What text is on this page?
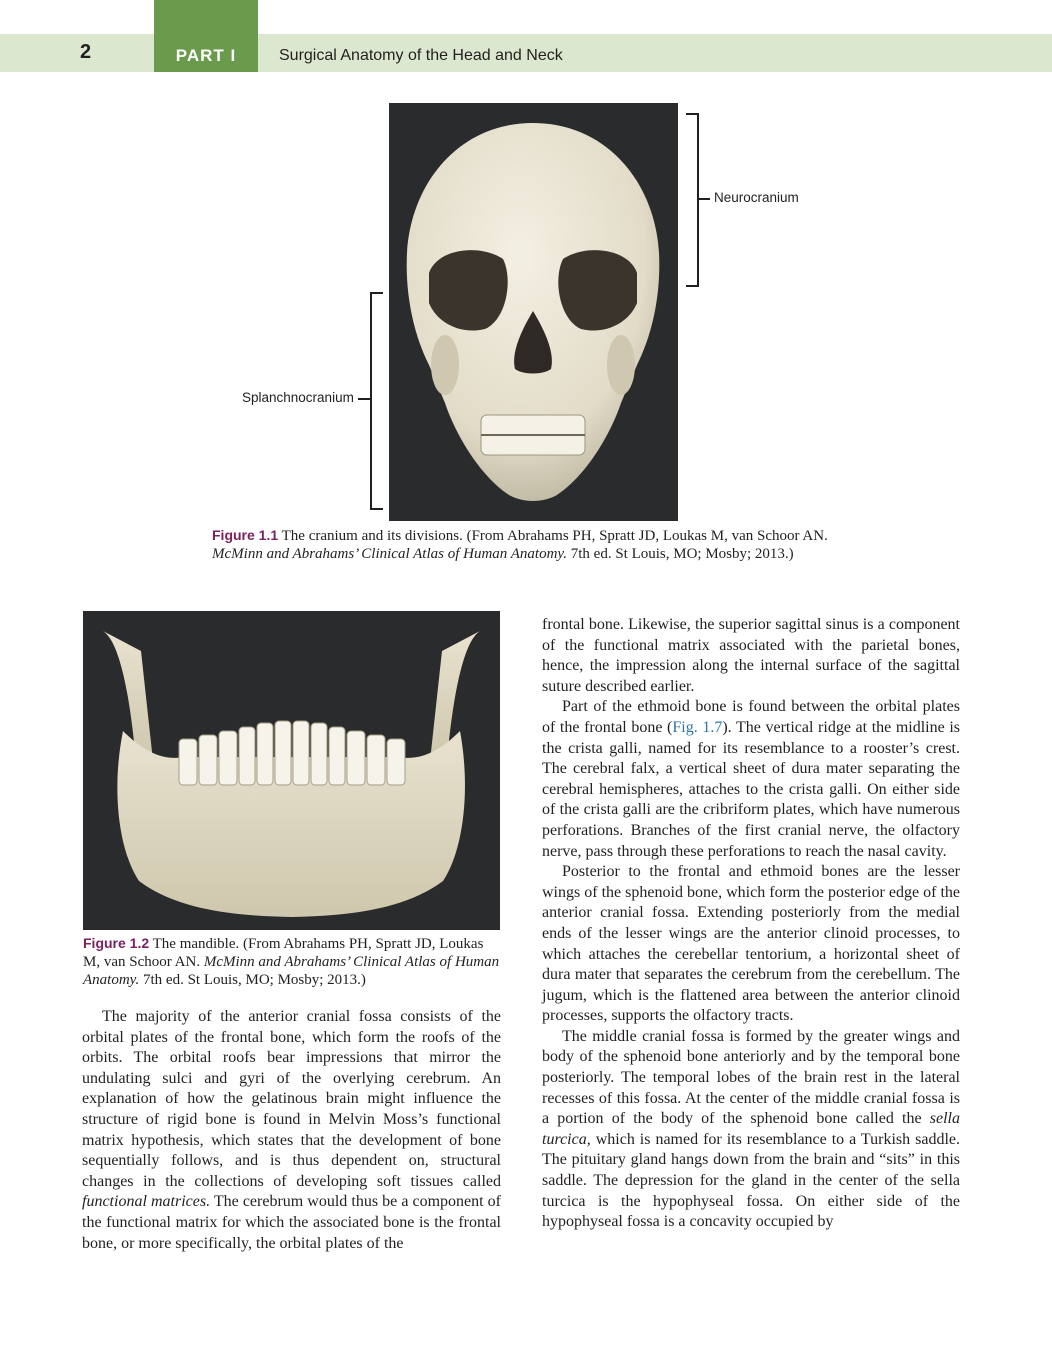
2	PART I	Surgical Anatomy of the Head and Neck
Neurocranium
Splanchnocranium
Figure 1.1 The cranium and its divisions. (From Abrahams PH, Spratt JD, Loukas M, van Schoor AN. McMinn and Abrahams’ Clinical Atlas of Human Anatomy. 7th ed. St Louis, MO; Mosby; 2013.)
Figure 1.2 The mandible. (From Abrahams PH, Spratt JD, Loukas M, van Schoor AN. McMinn and Abrahams’ Clinical Atlas of Human Anatomy. 7th ed. St Louis, MO; Mosby; 2013.)

The majority of the anterior cranial fossa consists of the orbital plates of the frontal bone, which form the roofs of the orbits. The orbital roofs bear impressions that mirror the undulating sulci and gyri of the overlying cerebrum. An explanation of how the gelatinous brain might influence the structure of rigid bone is found in Melvin Moss’s functional matrix hypothesis, which states that the development of bone sequentially follows, and is thus dependent on, structural changes in the collections of developing soft tissues called functional matrices. The cerebrum would thus be a component of the functional matrix for which the associated bone is the frontal bone, or more specifically, the orbital plates of the

frontal bone. Likewise, the superior sagittal sinus is a component of the functional matrix associated with the parietal bones, hence, the impression along the internal surface of the sagittal suture described earlier.

Part of the ethmoid bone is found between the orbital plates of the frontal bone (Fig. 1.7). The vertical ridge at the midline is the crista galli, named for its resemblance to a rooster’s crest. The cerebral falx, a vertical sheet of dura mater separating the cerebral hemispheres, attaches to the crista galli. On either side of the crista galli are the cribriform plates, which have numerous perforations. Branches of the first cranial nerve, the olfactory nerve, pass through these perforations to reach the nasal cavity.

Posterior to the frontal and ethmoid bones are the lesser wings of the sphenoid bone, which form the posterior edge of the anterior cranial fossa. Extending posteriorly from the medial ends of the lesser wings are the anterior clinoid processes, to which attaches the cerebellar tentorium, a horizontal sheet of dura mater that separates the cerebrum from the cerebellum. The jugum, which is the flattened area between the anterior clinoid processes, supports the olfactory tracts.

The middle cranial fossa is formed by the greater wings and body of the sphenoid bone anteriorly and by the temporal bone posteriorly. The temporal lobes of the brain rest in the lateral recesses of this fossa. At the center of the middle cranial fossa is a portion of the body of the sphenoid bone called the sella turcica, which is named for its resemblance to a Turkish saddle. The pituitary gland hangs down from the brain and “sits” in this saddle. The depression for the gland in the center of the sella turcica is the hypophyseal fossa. On either side of the hypophyseal fossa is a concavity occupied by
